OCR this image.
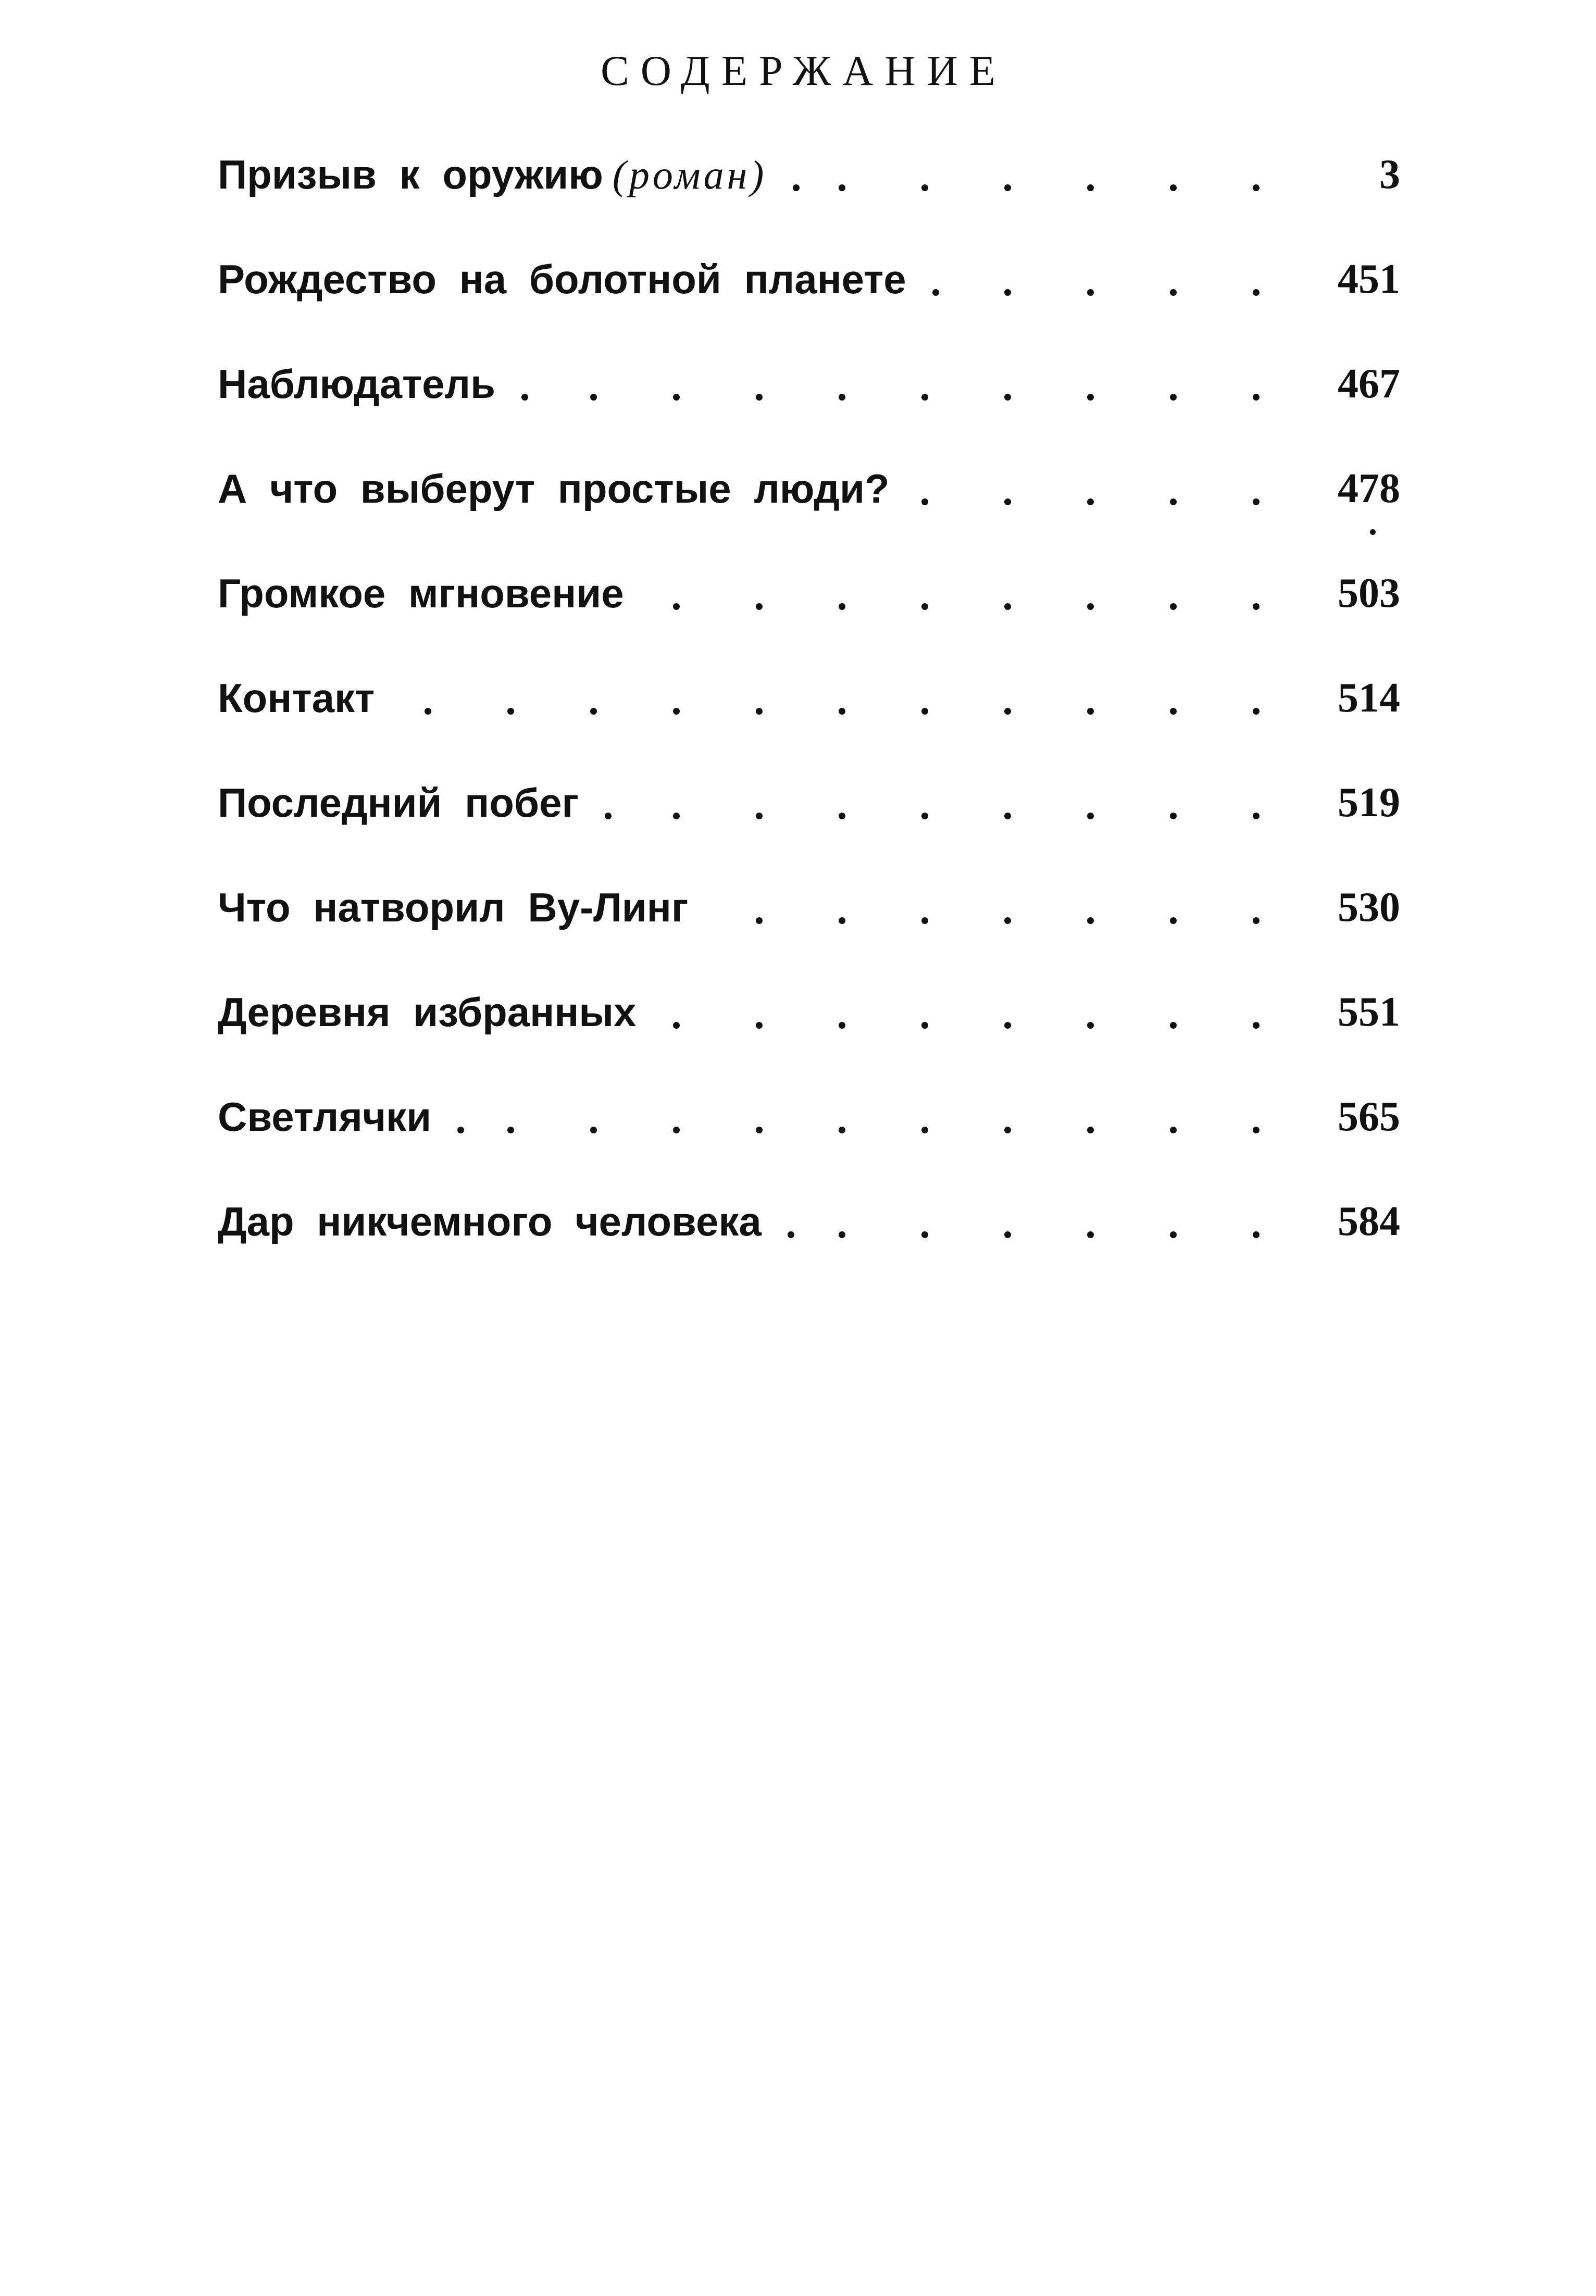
СОДЕРЖАНИЕ
Призыв к оружию (роман)	3
Рождество на болотной планете	451
Наблюдатель	467
А что выберут простые люди?	478
Громкое мгновение	503
Контакт	514
Последний побег	519
Что натворил Ву-Линг	530
Деревня избранных	551
Светлячки	565
Дар никчемного человека	584
